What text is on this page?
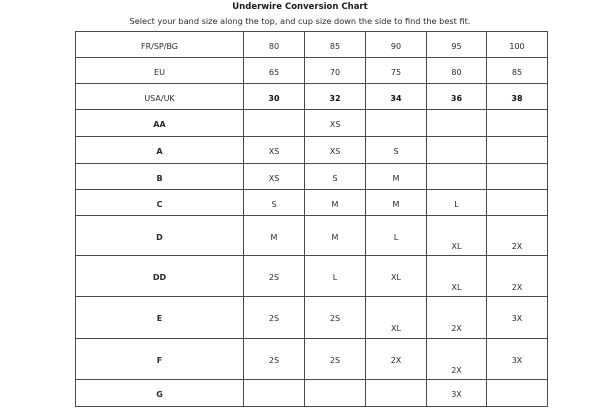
Underwire Conversion Chart
Select your band size along the top, and cup size down the side to find the best fit.
FR/SP/BG	80	85	90	95	100

EU	65	70	75	80	85

USA/UK	30	32	34	36	38

AA		XS			

A	XS	XS	S		

B	XS	S	M		

C	S	M	M	L	

D	M	M	L	XL	2X

DD	2S	L	XL	XL	2X

E	2S	2S	XL	2X	3X

F	2S	2S	2X	2X	3X

G				3X	
